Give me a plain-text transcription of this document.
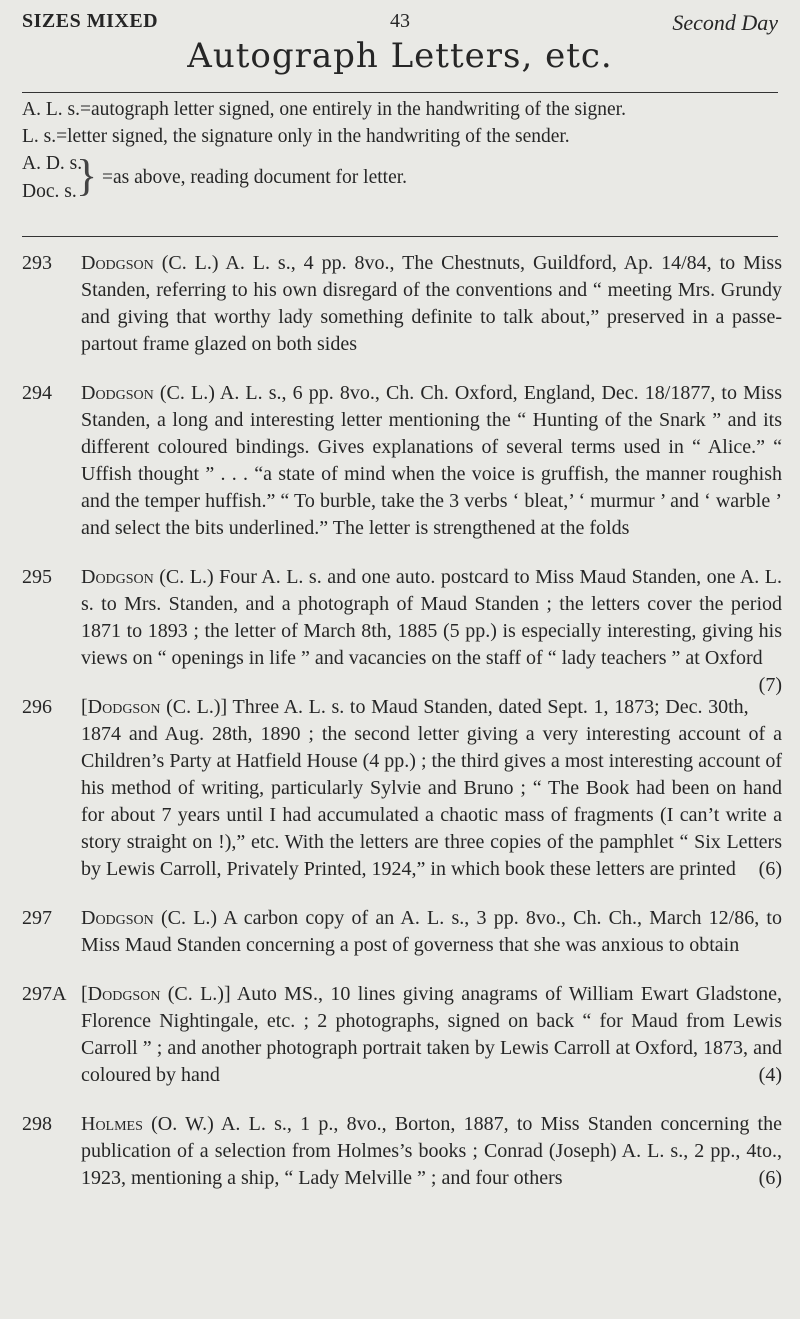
SIZES MIXED	43	Second Day
Autograph Letters, etc.

A. L. s.=autograph letter signed, one entirely in the handwriting of the signer.

L. s.=letter signed, the signature only in the handwriting of the sender.

A. D. s.
Doc. s. } =as above, reading document for letter.
293 Dodgson (C. L.) A. L. s., 4 pp. 8vo., The Chestnuts, Guildford, Ap. 14/84, to Miss Standen, referring to his own disregard of the conventions and “ meeting Mrs. Grundy and giving that worthy lady something definite to talk about,” preserved in a passe-partout frame glazed on both sides
294 Dodgson (C. L.) A. L. s., 6 pp. 8vo., Ch. Ch. Oxford, England, Dec. 18/1877, to Miss Standen, a long and interesting letter mentioning the “ Hunting of the Snark ” and its different coloured bindings. Gives explanations of several terms used in “ Alice.” “ Uffish thought ” . . . “a state of mind when the voice is gruffish, the manner roughish and the temper huffish.” “ To burble, take the 3 verbs ‘ bleat,’ ‘ murmur ’ and ‘ warble ’ and select the bits underlined.” The letter is strengthened at the folds
295 Dodgson (C. L.) Four A. L. s. and one auto. postcard to Miss Maud Standen, one A. L. s. to Mrs. Standen, and a photograph of Maud Standen ; the letters cover the period 1871 to 1893 ; the letter of March 8th, 1885 (5 pp.) is especially interesting, giving his views on “ openings in life ” and vacancies on the staff of “ lady teachers ” at Oxford
(7)
296 [Dodgson (C. L.)] Three A. L. s. to Maud Standen, dated Sept. 1, 1873; Dec. 30th, 1874 and Aug. 28th, 1890 ; the second letter giving a very interesting account of a Children’s Party at Hatfield House (4 pp.) ; the third gives a most interesting account of his method of writing, particularly Sylvie and Bruno ; “ The Book had been on hand for about 7 years until I had accumulated a chaotic mass of fragments (I can’t write a story straight on !),” etc. With the letters are three copies of the pamphlet “ Six Letters by Lewis Carroll, Privately Printed, 1924,” in which book these letters are printed (6)
297 Dodgson (C. L.) A carbon copy of an A. L. s., 3 pp. 8vo., Ch. Ch., March 12/86, to Miss Maud Standen concerning a post of governess that she was anxious to obtain
297A [Dodgson (C. L.)] Auto MS., 10 lines giving anagrams of William Ewart Gladstone, Florence Nightingale, etc. ; 2 photographs, signed on back “ for Maud from Lewis Carroll ” ; and another photograph portrait taken by Lewis Carroll at Oxford, 1873, and coloured by hand	(4)
298 Holmes (O. W.) A. L. s., 1 p., 8vo., Borton, 1887, to Miss Standen concerning the publication of a selection from Holmes’s books ; Conrad (Joseph) A. L. s., 2 pp., 4to., 1923, mentioning a ship, “ Lady Melville ” ; and four others	(6)
